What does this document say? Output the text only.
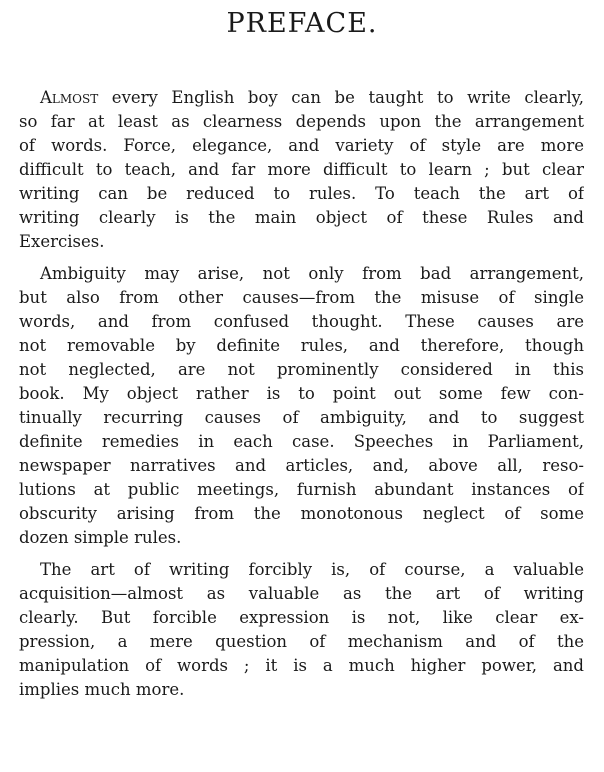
PREFACE.
Almost every English boy can be taught to write clearly,
so far at least as clearness depends upon the arrangement
of words. Force, elegance, and variety of style are more
difficult to teach, and far more difficult to learn ; but clear
writing can be reduced to rules. To teach the art of
writing clearly is the main object of these Rules and
Exercises.
Ambiguity may arise, not only from bad arrangement,
but also from other causes—from the misuse of single
words, and from confused thought. These causes are
not removable by definite rules, and therefore, though
not neglected, are not prominently considered in this
book. My object rather is to point out some few con-
tinually recurring causes of ambiguity, and to suggest
definite remedies in each case. Speeches in Parliament,
newspaper narratives and articles, and, above all, reso-
lutions at public meetings, furnish abundant instances of
obscurity arising from the monotonous neglect of some
dozen simple rules.
The art of writing forcibly is, of course, a valuable
acquisition—almost as valuable as the art of writing
clearly. But forcible expression is not, like clear ex-
pression, a mere question of mechanism and of the
manipulation of words ; it is a much higher power, and
implies much more.
